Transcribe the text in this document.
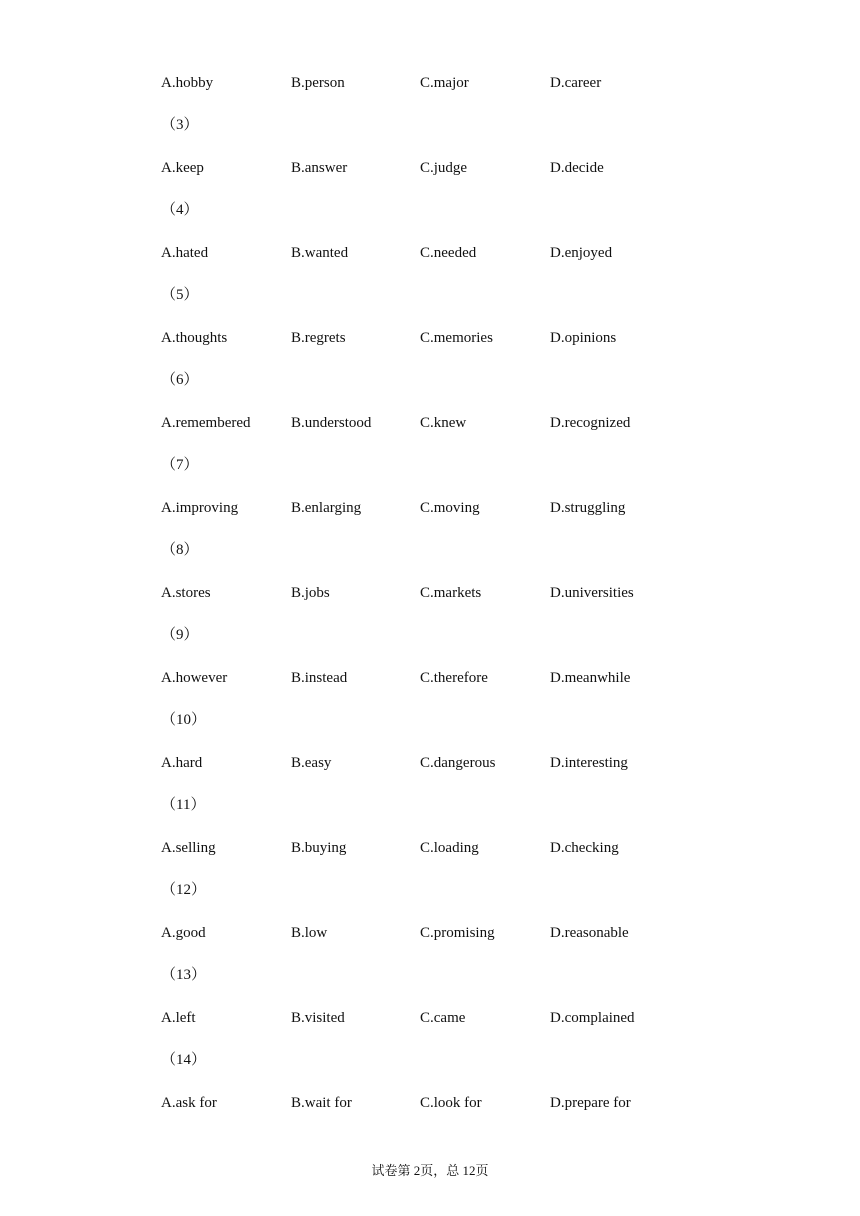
A.hobby	B.person	C.major	D.career
（3）
A.keep	B.answer	C.judge	D.decide
（4）
A.hated	B.wanted	C.needed	D.enjoyed
（5）
A.thoughts	B.regrets	C.memories	D.opinions
（6）
A.remembered	B.understood	C.knew	D.recognized
（7）
A.improving	B.enlarging	C.moving	D.struggling
（8）
A.stores	B.jobs	C.markets	D.universities
（9）
A.however	B.instead	C.therefore	D.meanwhile
（10）
A.hard	B.easy	C.dangerous	D.interesting
（11）
A.selling	B.buying	C.loading	D.checking
（12）
A.good	B.low	C.promising	D.reasonable
（13）
A.left	B.visited	C.came	D.complained
（14）
A.ask for	B.wait for	C.look for	D.prepare for
试卷第 2页，总 12页
